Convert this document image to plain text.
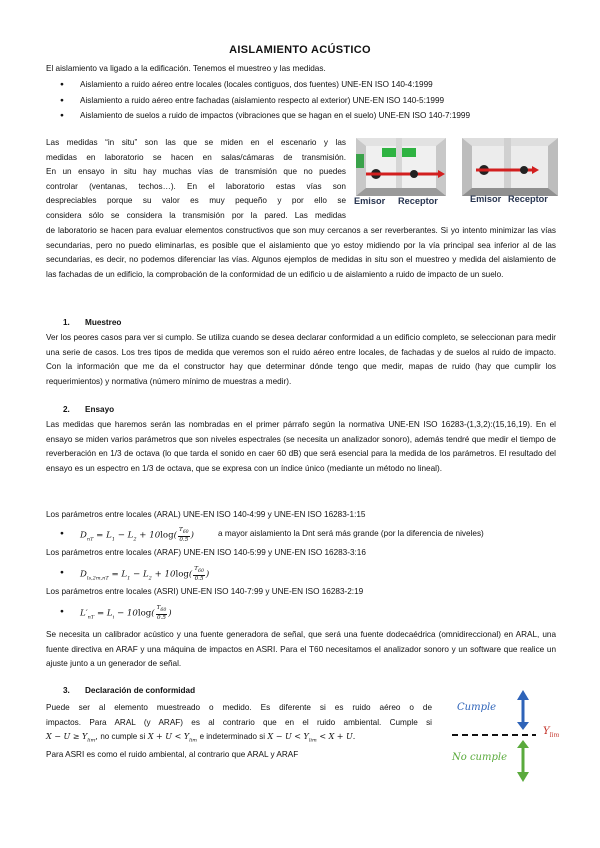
AISLAMIENTO ACÚSTICO
El aislamiento va ligado a la edificación. Tenemos el muestreo y las medidas.
● Aislamiento a ruido aéreo entre locales (locales contiguos, dos fuentes) UNE-EN ISO 140-4:1999
● Aislamiento a ruido aéreo entre fachadas (aislamiento respecto al exterior) UNE-EN ISO 140-5:1999
● Aislamiento de suelos a ruido de impactos (vibraciones que se hagan en el suelo) UNE-EN ISO 140-7:1999
Las medidas “in situ” son las que se miden en el escenario y las
medidas en laboratorio se hacen en salas/cámaras de transmisión.
En un ensayo in situ hay muchas vías de transmisión que no puedes
controlar (ventanas, techos…). En el laboratorio estas vías son
despreciables porque su valor es muy pequeño y por ello se
considera sólo se considera la transmisión por la pared. Las medidas
de laboratorio se hacen para evaluar elementos constructivos que son muy cercanos a ser reverberantes. Si yo intento minimizar las vías secundarias, pero no puedo eliminarlas, es posible que el aislamiento que yo estoy midiendo por la vía principal sea inferior al de las secundarias, es decir, no podemos diferenciar las vías. Algunos ejemplos de medidas in situ son el muestreo y medida del aislamiento de las fachadas de un edificio, la comprobación de la conformidad de un edificio u de aislamiento a ruido de impacto de un suelo.
Emisor Receptor	Emisor Receptor
1. Muestreo
Ver los peores casos para ver si cumplo. Se utiliza cuando se desea declarar conformidad a un edificio completo, se seleccionan para medir una serie de casos. Los tres tipos de medida que veremos son el ruido aéreo entre locales, de fachadas y de suelos al ruido de impacto. Con la información que me da el constructor hay que determinar dónde tengo que medir, mapas de ruido (hay que cumplir los requerimientos) y normativa (número mínimo de muestras a medir).
2. Ensayo
Las medidas que haremos serán las nombradas en el primer párrafo según la normativa UNE-EN ISO 16283-(1,3,2):(15,16,19). En el ensayo se miden varios parámetros que son niveles espectrales (se necesita un analizador sonoro), además tendré que medir el tiempo de reverberación en 1/3 de octava (lo que tarda el sonido en caer 60 dB) que será esencial para la medida de los parámetros. El resultado del ensayo es un espectro en 1/3 de octava, que se expresa con un índice único (mediante un método no lineal).
Los parámetros entre locales (ARAL) UNE-EN ISO 140-4:99 y UNE-EN ISO 16283-1:15
● $D_{nT} = L_1 - L_2 + 10\log( \frac{T_{60}}{0.5}$ )	a mayor aislamiento la Dnt será más grande (por la diferencia de niveles)
Los parámetros entre locales (ARAF) UNE-EN ISO 140-5:99 y UNE-EN ISO 16283-3:16
● $D_{ls,2m,nT} = L_1 - L_2 + 10\log( \frac{T_{60}}{0.5}$ )
Los parámetros entre locales (ASRI) UNE-EN ISO 140-7:99 y UNE-EN ISO 16283-2:19
● $L'_{nT} = L_i - 10\log( \frac{T_{60}}{0.5}$ )
Se necesita un calibrador acústico y una fuente generadora de señal, que será una fuente dodecaédrica (omnidireccional) en ARAL, una fuente directiva en ARAF y una máquina de impactos en ASRI. Para el T60 necesitamos el analizador sonoro y un software que realice un ajuste junto a un generador de señal.
3. Declaración de conformidad
Puede ser al elemento muestreado o medido. Es diferente si es ruido aéreo o de
impactos. Para ARAL (y ARAF) es al contrario que en el ruido ambiental. Cumple si
$X - U \ge Y_{lim}$, no cumple si $X + U < Y_{lim}$ e indeterminado si $X - U < Y_{lim} < X + U$.
Para ASRI es como el ruido ambiental, al contrario que ARAL y ARAF
Cumple
No cumple
$Y_{lim}$
